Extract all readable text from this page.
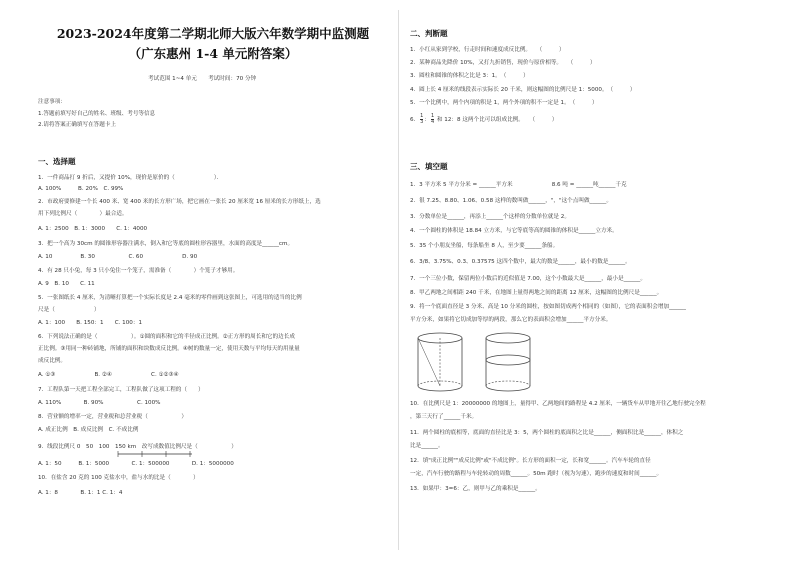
2023-2024年度第二学期北师大版六年数学期中监测题
（广东惠州 1-4 单元附答案）
考试范围 1~4 单元　　考试时间：70 分钟
注意事项：
1.答题前填写好自己的姓名、班级、考号等信息
2.请将答案正确填写在答题卡上
一、选择题
1．一件商品打 9 折后，又提价 10%，现价是原价的（　　　　　　　）．
A. 100%　　　B. 20%　C. 99%
2．市政府要修建一个长 400 米、宽 400 米的长方形广场，把它画在一张长 20 厘米宽 16 厘米的长方形纸上，选
用下列比例尺（　　　　）最合适。
A. 1：2500　B. 1：3000　　C. 1：4000
3．把一个高为 30cm 的圆锥形容器注满水，倒入和它等底的圆柱形容器里，水面的高度是______cm。
A. 10　　　　　B. 30　　　　　　C. 60　　　　　　　D. 90
4．有 28 只小兔，每 3 只小兔住一个笼子，需准备（　　　　）个笼子才够用。
A. 9　B. 10　　C. 11
5．一张图纸长 4 厘米，为清晰打算把一个实际长度是 2.4 毫米的零件画到这张图上，可选用的适当的比例
尺是（　　　　　　　）
A. 1：100　　B. 150：1　　C. 100：1
6．下列说法正确的是（　　　　　　）。①圆的面积和它的半径成正比例。②正方形的周长和它的边长成
正比例。③用同一种砖铺地，所铺的面积和块数成反比例。④树的数量一定，使用天数与平均每天的用量量
成反比例。
A. ①③　　　　　　　B. ②④　　　　　　　C. ①②③④
7．工程队第一天把工程全部完工，工程队做了这项工程的（　　）
A. 110%　　　　B. 90%　　　　　　C. 100%
8．营业额的增率一定，营业税和总营业税（　　　　　　）
A. 成正比例　B. 成反比例　C. 不成比例
9．线段比例尺 0　50　100　150 km　改写成数值比例尺是（　　　　　　）
A. 1：50　　　B. 1：5000　　　　C. 1：500000　　　　D. 1：5000000
10．在盐含 20 克的 100 克盐水中，盐与水的比是（　　　　）
A. 1：8　　　　B. 1：1 C. 1：4
二、判断题
1．小红从家到学校，行走时间和速度成反比例。　　（　　　）
2．某种商品先降价 10%，又打九折销售，现价与原价相等。　　（　　　）
3．圆柱和圆锥的体积之比是 3：1。　（　　　）
4．圆上长 4 厘米的线段表示实际长 20 千米，则这幅图的比例尺是 1：5000。　（　　　）
5．一个比例中，两个内项的积是 1，两个外项的积不一定是 1。　（　　　）
6． $\frac{1}{3}$ ： $\frac{1}{4}$ 和 12：8 这两个比可以组成比例。　　（　　　）
三、填空题
1．3 平方米 5 平方分米 = ______平方米　　　　　　　8.6 吨 = ______吨______千克
2．很 7.25、8.80、1.06、0.58 这样的数叫做______，"，"这个点叫做______。
3．分数单位是______，再添上______个这样的分数单位就是 2。
4．一个圆柱的体积是 18.84 立方米，与它等底等高的圆锥的体积是______立方米。
5．35 个小朋友坐船，每条船坐 8 人，至少要______条船。
6．3/8、3.75%、0.3、0.37575 这四个数中，最大的数是______，最小的数是______。
7．一个三位小数，保留两位小数后的近似值是 7.00，这个小数最大是______，最小是______。
8．甲乙两地之间相距 240 千米，在地图上量得两地之间的距离 12 厘米，这幅图的比例尺是______。
9．将一个底面直径是 3 分米、高是 10 分米的圆柱，按如图切成两个相同的（如图），它的表面积会增加______
平方分米，如果将它切成加等厚的两段，那么它的表面积会增加______平方分米。
10．在比例尺是 1：20000000 的地图上，量得甲、乙两地间的路程是 4.2 厘米，一辆货车从甲地开往乙地行驶完全程
，第三天行了______千米。
11．两个圆柱的底相等，底面的直径比是 3：5，两个圆柱的底面积之比是______，侧面积比是______，体积之
比是______。
12．填"成正比例""成反比例"或"不成比例"。长方形的面积一定，长和宽______。汽车车轮的直径
一定，汽车行驶的路程与车轮转动的周数______。50m 跑时（视为匀速），跑步的速度和时间______。
13．如果甲：3=6：乙，则甲与乙的乘积是______。
